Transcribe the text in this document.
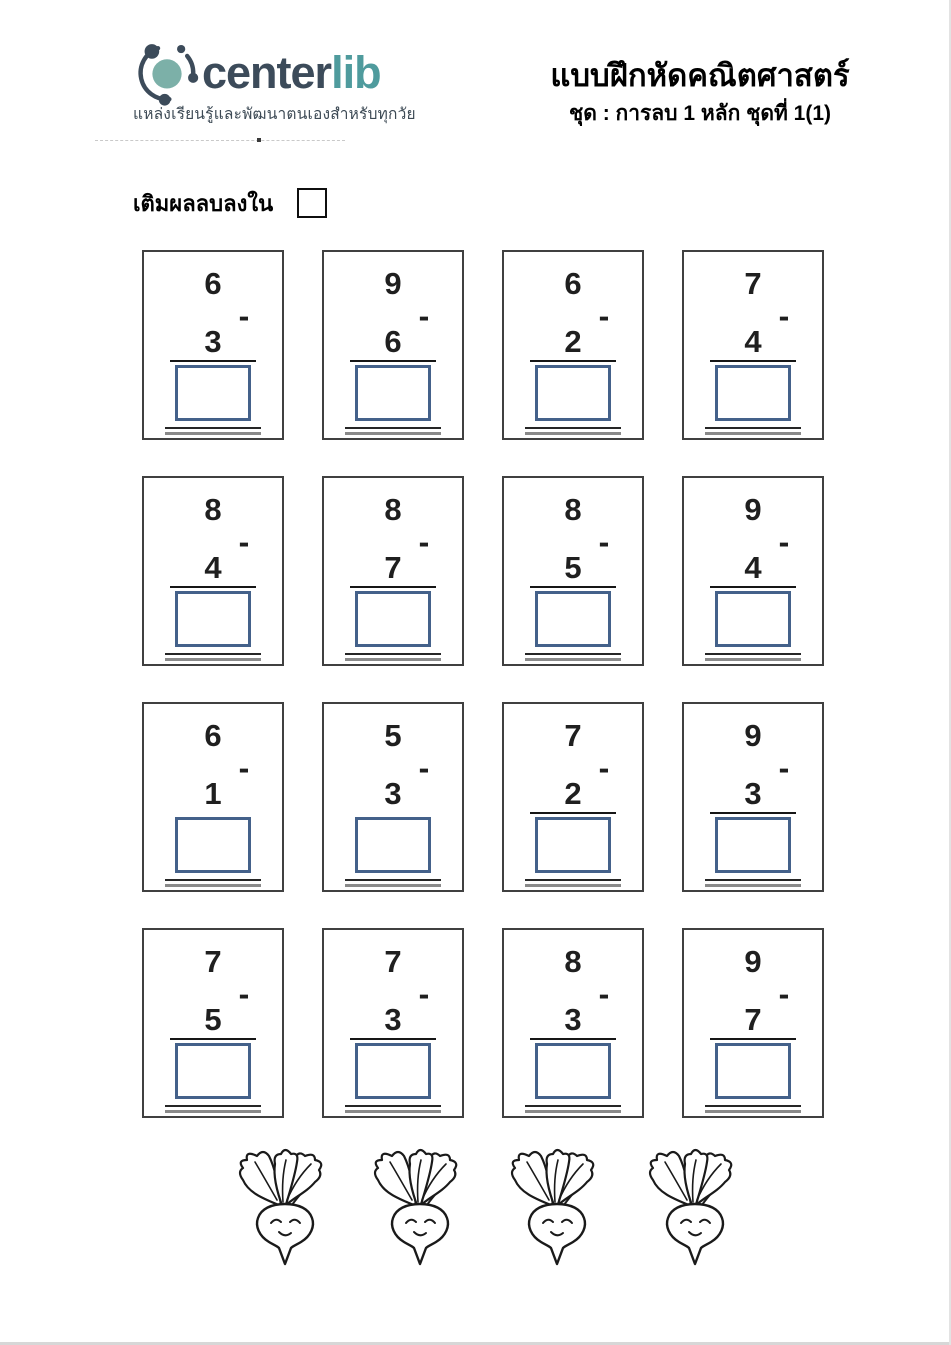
centerlib
แหล่งเรียนรู้และพัฒนาตนเองสำหรับทุกวัย
แบบฝึกหัดคณิตศาสตร์
ชุด : การลบ 1 หลัก ชุดที่ 1(1)
เติมผลลบลงใน
6
-
3
9
-
6
6
-
2
7
-
4
8
-
4
8
-
7
8
-
5
9
-
4
6
-
1
5
-
3
7
-
2
9
-
3
7
-
5
7
-
3
8
-
3
9
-
7
